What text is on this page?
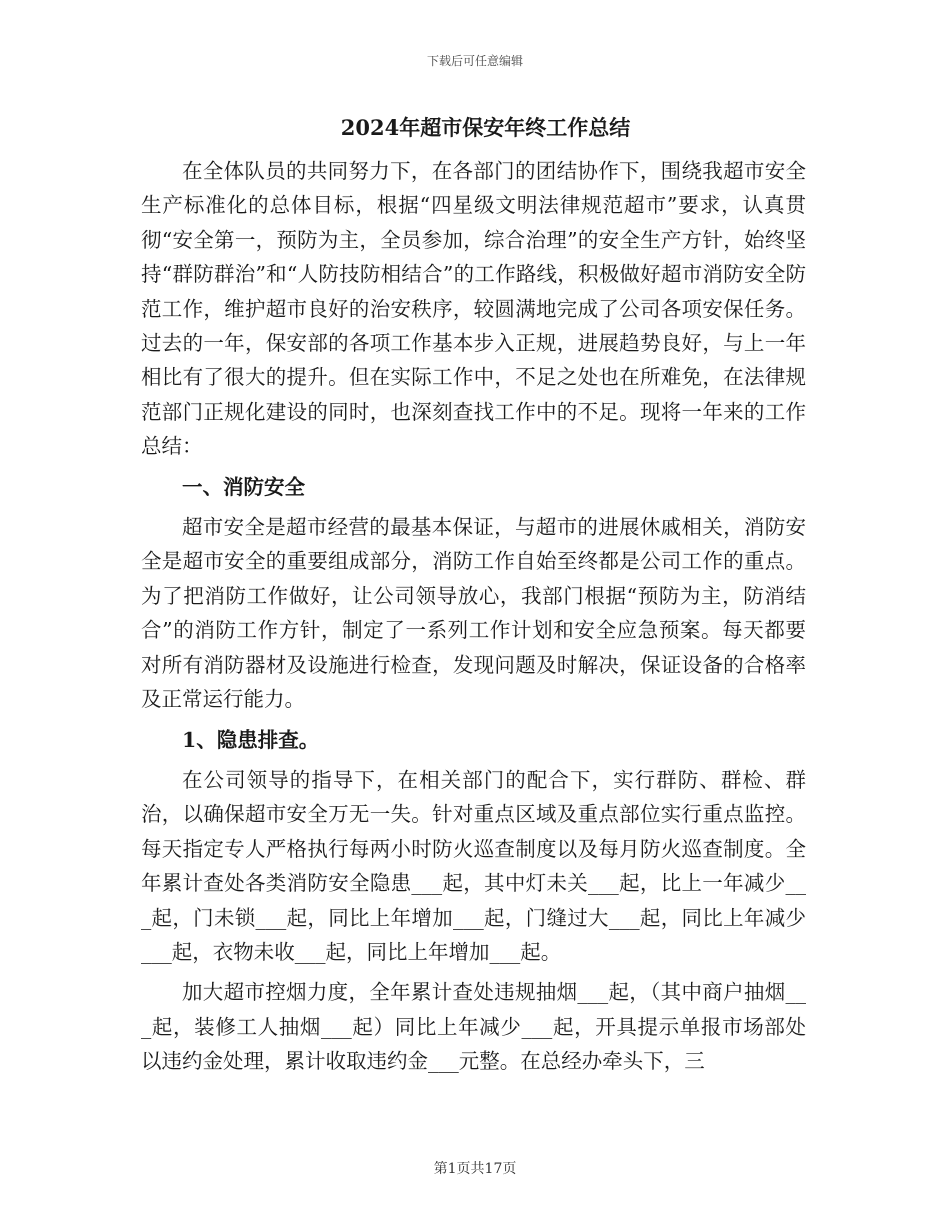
下载后可任意编辑
2024年超市保安年终工作总结

在全体队员的共同努力下，在各部门的团结协作下，围绕我超市安全生产标准化的总体目标，根据“四星级文明法律规范超市”要求，认真贯彻“安全第一，预防为主，全员参加，综合治理”的安全生产方针，始终坚持“群防群治”和“人防技防相结合”的工作路线，积极做好超市消防安全防范工作，维护超市良好的治安秩序，较圆满地完成了公司各项安保任务。过去的一年，保安部的各项工作基本步入正规，进展趋势良好，与上一年相比有了很大的提升。但在实际工作中，不足之处也在所难免，在法律规范部门正规化建设的同时，也深刻查找工作中的不足。现将一年来的工作总结：

一、消防安全

超市安全是超市经营的最基本保证，与超市的进展休戚相关，消防安全是超市安全的重要组成部分，消防工作自始至终都是公司工作的重点。为了把消防工作做好，让公司领导放心，我部门根据“预防为主，防消结合”的消防工作方针，制定了一系列工作计划和安全应急预案。每天都要对所有消防器材及设施进行检查，发现问题及时解决，保证设备的合格率及正常运行能力。

1、隐患排查。

在公司领导的指导下，在相关部门的配合下，实行群防、群检、群治，以确保超市安全万无一失。针对重点区域及重点部位实行重点监控。每天指定专人严格执行每两小时防火巡查制度以及每月防火巡查制度。全年累计查处各类消防安全隐患___起，其中灯未关___起，比上一年减少___起，门未锁___起，同比上年增加___起，门缝过大___起，同比上年减少___起，衣物未收___起，同比上年增加___起。

加大超市控烟力度，全年累计查处违规抽烟___起，（其中商户抽烟___起，装修工人抽烟___起）同比上年减少___起，开具提示单报市场部处以违约金处理，累计收取违约金___元整。在总经办牵头下，三

第1页共17页
